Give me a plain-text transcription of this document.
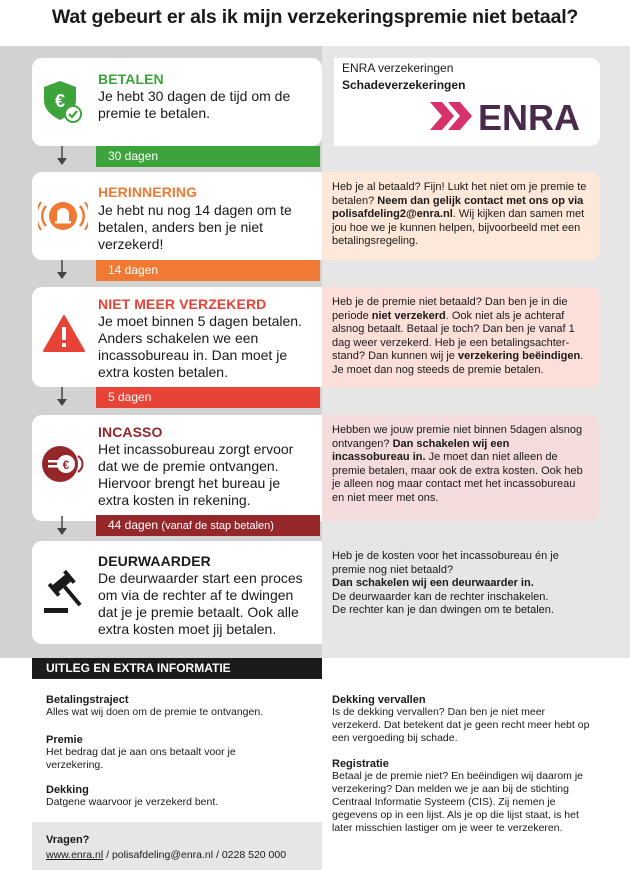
Wat gebeurt er als ik mijn verzekeringspremie niet betaal?
ENRA verzekeringen
Schadeverzekeringen
ENRA
€
BETALEN
Je hebt 30 dagen de tijd om de premie te betalen.
30 dagen
Heb je al betaald? Fijn! Lukt het niet om je premie te betalen? Neem dan gelijk contact met ons op via polisafdeling2@enra.nl. Wij kijken dan samen met jou hoe we je kunnen helpen, bijvoorbeeld met een betalingsregeling.
HERINNERING
Je hebt nu nog 14 dagen om te betalen, anders ben je niet verzekerd!
14 dagen
Heb je de premie niet betaald? Dan ben je in die periode niet verzekerd. Ook niet als je achteraf alsnog betaalt. Betaal je toch? Dan ben je vanaf 1 dag weer verzekerd. Heb je een betalingsachter-stand? Dan kunnen wij je verzekering beëindigen. Je moet dan nog steeds de premie betalen.
NIET MEER VERZEKERD
Je moet binnen 5 dagen betalen. Anders schakelen we een incassobureau in. Dan moet je extra kosten betalen.
5 dagen
Hebben we jouw premie niet binnen 5dagen alsnog ontvangen? Dan schakelen wij een incassobureau in. Je moet dan niet alleen de premie betalen, maar ook de extra kosten. Ook heb je alleen nog maar contact met het incassobureau en niet meer met ons.
€
INCASSO
Het incassobureau zorgt ervoor dat we de premie ontvangen. Hiervoor brengt het bureau je extra kosten in rekening.
44 dagen (vanaf de stap betalen)
Heb je de kosten voor het incassobureau én je premie nog niet betaald?
Dan schakelen wij een deurwaarder in.
De deurwaarder kan de rechter inschakelen.
De rechter kan je dan dwingen om te betalen.
DEURWAARDER
De deurwaarder start een proces om via de rechter af te dwingen dat je je premie betaalt. Ook alle extra kosten moet jij betalen.
UITLEG EN EXTRA INFORMATIE
Betalingstraject
Alles wat wij doen om de premie te ontvangen.
Premie
Het bedrag dat je aan ons betaalt voor je verzekering.
Dekking
Datgene waarvoor je verzekerd bent.
Dekking vervallen
Is de dekking vervallen? Dan ben je niet meer verzekerd. Dat betekent dat je geen recht meer hebt op een vergoeding bij schade.
Registratie
Betaal je de premie niet? En beëindigen wij daarom je verzekering? Dan melden we je aan bij de stichting Centraal Informatie Systeem (CIS). Zij nemen je gegevens op in een lijst. Als je op die lijst staat, is het later misschien lastiger om je weer te verzekeren.
Vragen?
www.enra.nl / polisafdeling@enra.nl / 0228 520 000
